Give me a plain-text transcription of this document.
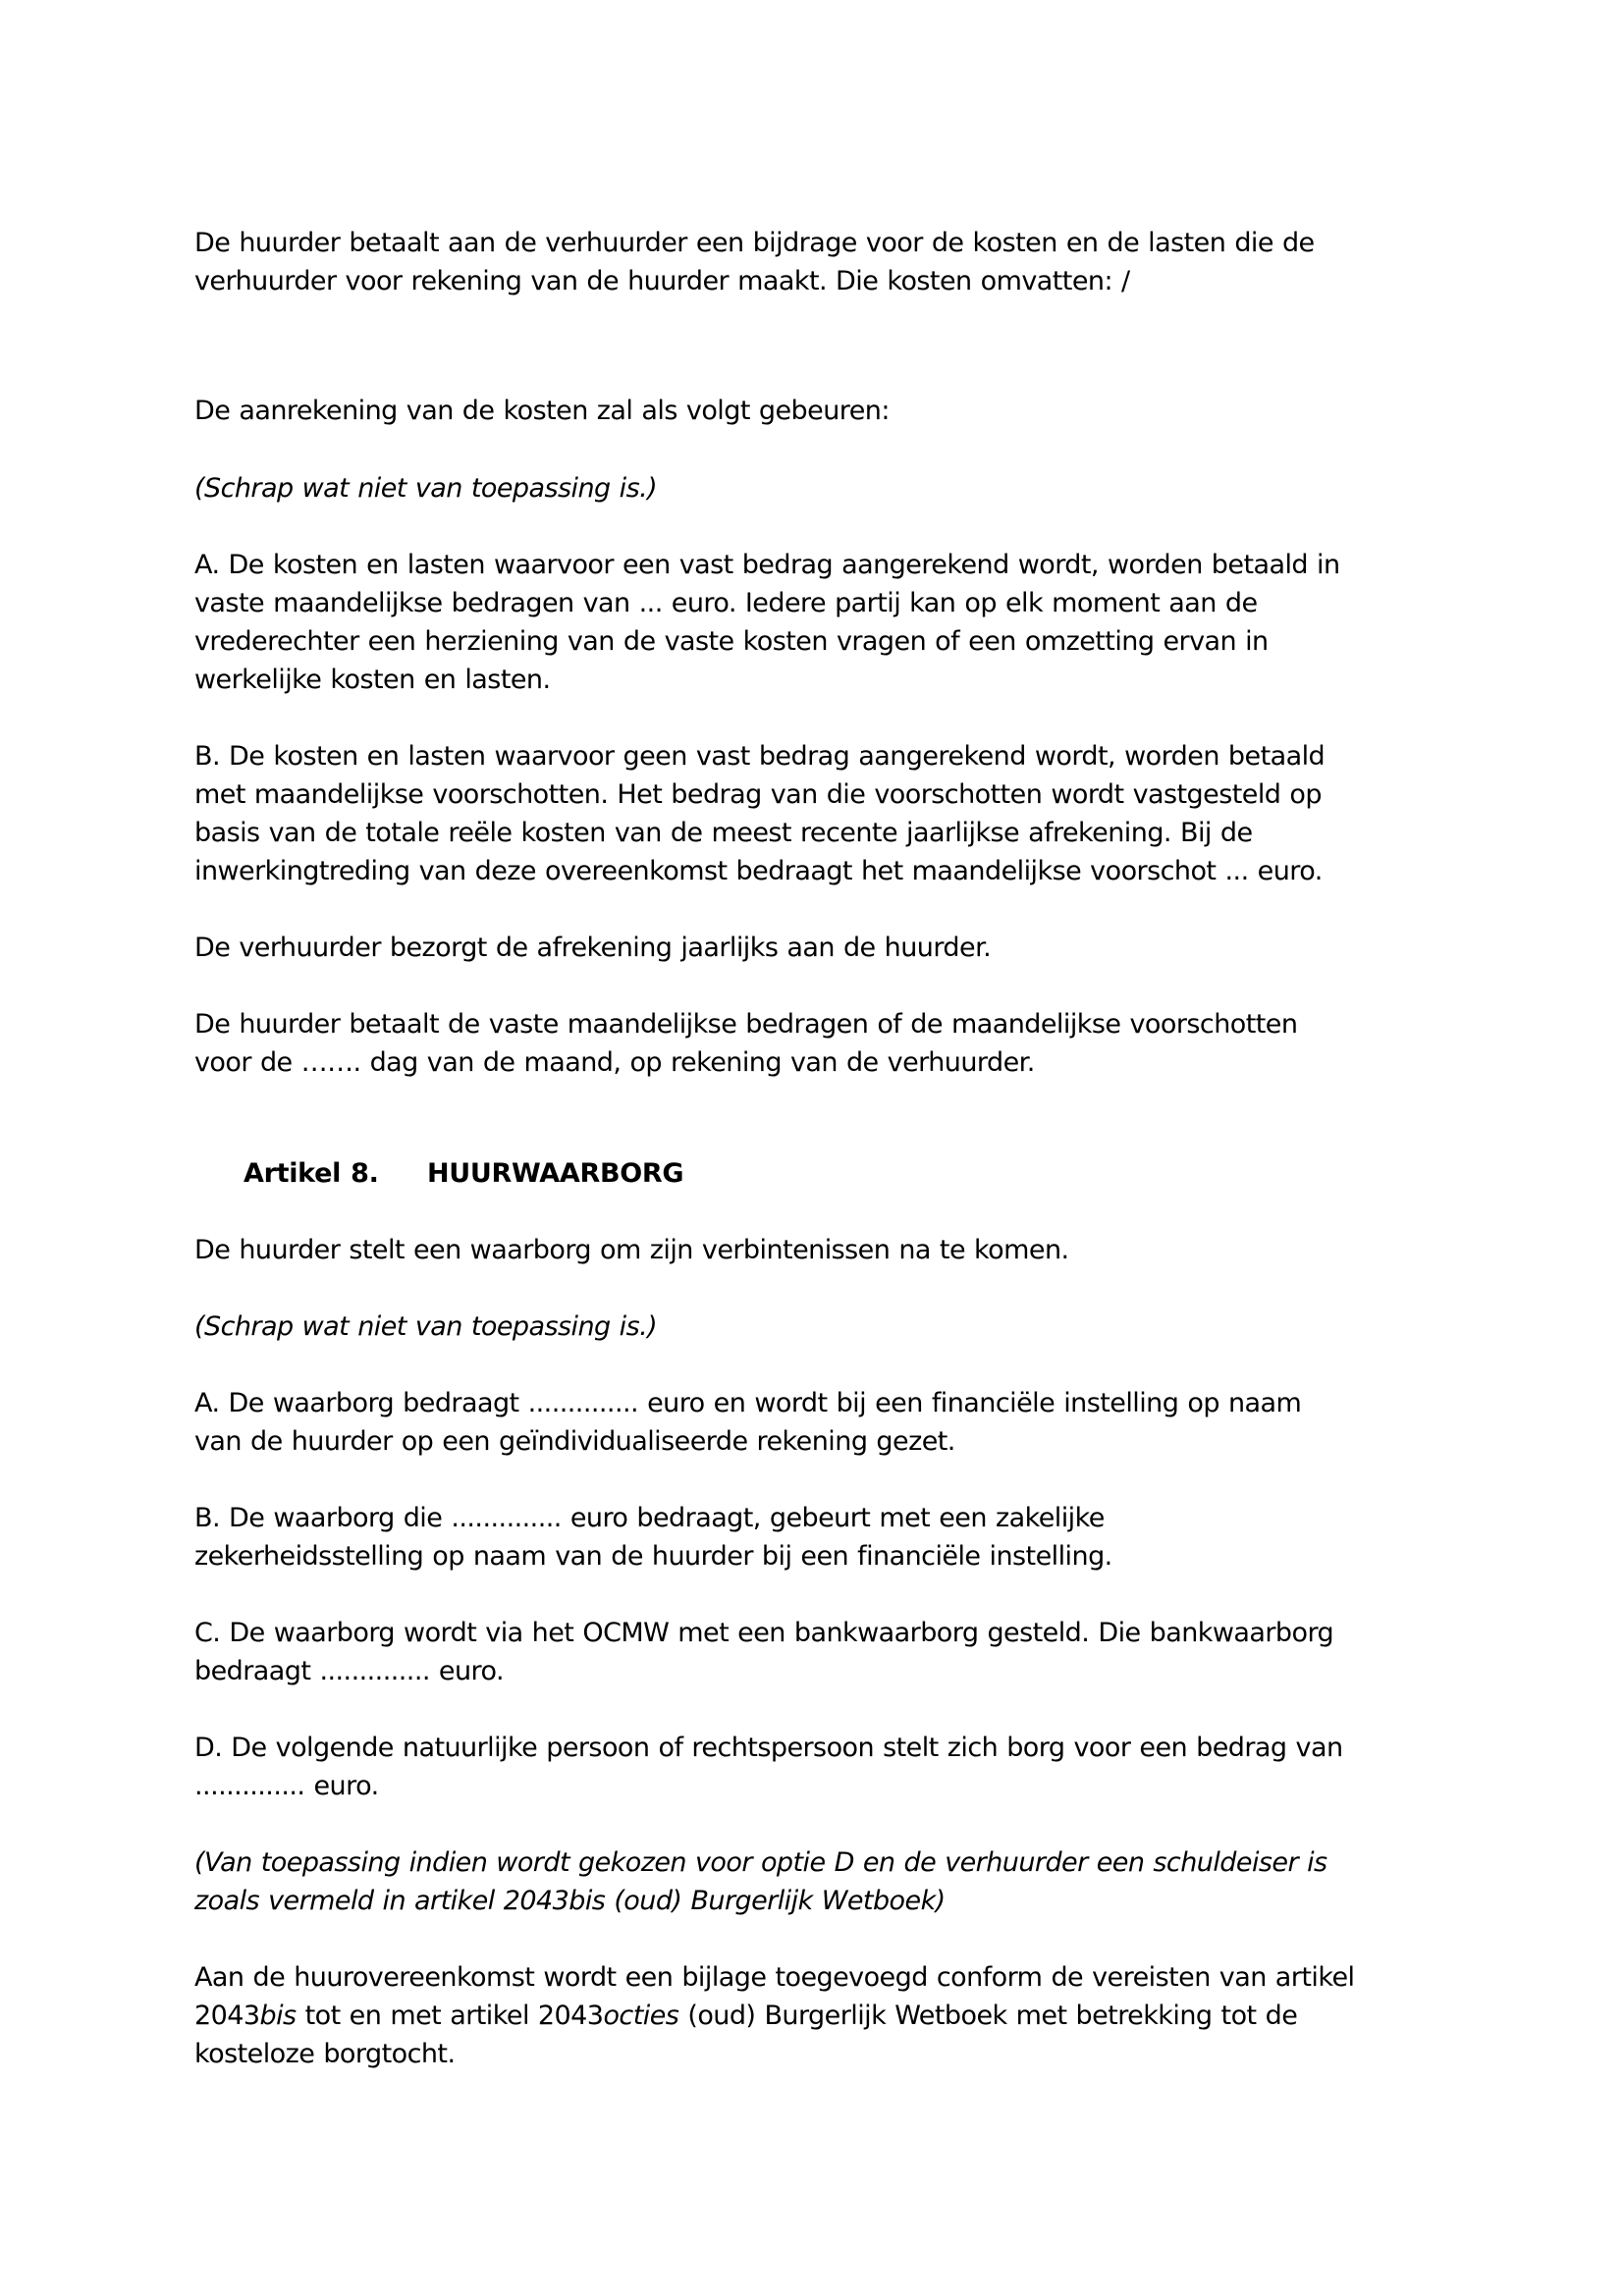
De huurder betaalt aan de verhuurder een bijdrage voor de kosten en de lasten die de

verhuurder voor rekening van de huurder maakt. Die kosten omvatten: /

De aanrekening van de kosten zal als volgt gebeuren:

(Schrap wat niet van toepassing is.)

A. De kosten en lasten waarvoor een vast bedrag aangerekend wordt, worden betaald in

vaste maandelijkse bedragen van ... euro. Iedere partij kan op elk moment aan de

vrederechter een herziening van de vaste kosten vragen of een omzetting ervan in

werkelijke kosten en lasten.

B. De kosten en lasten waarvoor geen vast bedrag aangerekend wordt, worden betaald

met maandelijkse voorschotten. Het bedrag van die voorschotten wordt vastgesteld op

basis van de totale reële kosten van de meest recente jaarlijkse afrekening. Bij de

inwerkingtreding van deze overeenkomst bedraagt het maandelijkse voorschot ... euro.

De verhuurder bezorgt de afrekening jaarlijks aan de huurder.

De huurder betaalt de vaste maandelijkse bedragen of de maandelijkse voorschotten

voor de ……. dag van de maand, op rekening van de verhuurder.

Artikel 8. HUURWAARBORG

De huurder stelt een waarborg om zijn verbintenissen na te komen.

(Schrap wat niet van toepassing is.)

A. De waarborg bedraagt .............. euro en wordt bij een financiële instelling op naam

van de huurder op een geïndividualiseerde rekening gezet.

B. De waarborg die .............. euro bedraagt, gebeurt met een zakelijke

zekerheidsstelling op naam van de huurder bij een financiële instelling.

C. De waarborg wordt via het OCMW met een bankwaarborg gesteld. Die bankwaarborg

bedraagt .............. euro.

D. De volgende natuurlijke persoon of rechtspersoon stelt zich borg voor een bedrag van

.............. euro.

(Van toepassing indien wordt gekozen voor optie D en de verhuurder een schuldeiser is

zoals vermeld in artikel 2043bis (oud) Burgerlijk Wetboek)

Aan de huurovereenkomst wordt een bijlage toegevoegd conform de vereisten van artikel

2043bis tot en met artikel 2043octies (oud) Burgerlijk Wetboek met betrekking tot de

kosteloze borgtocht.
